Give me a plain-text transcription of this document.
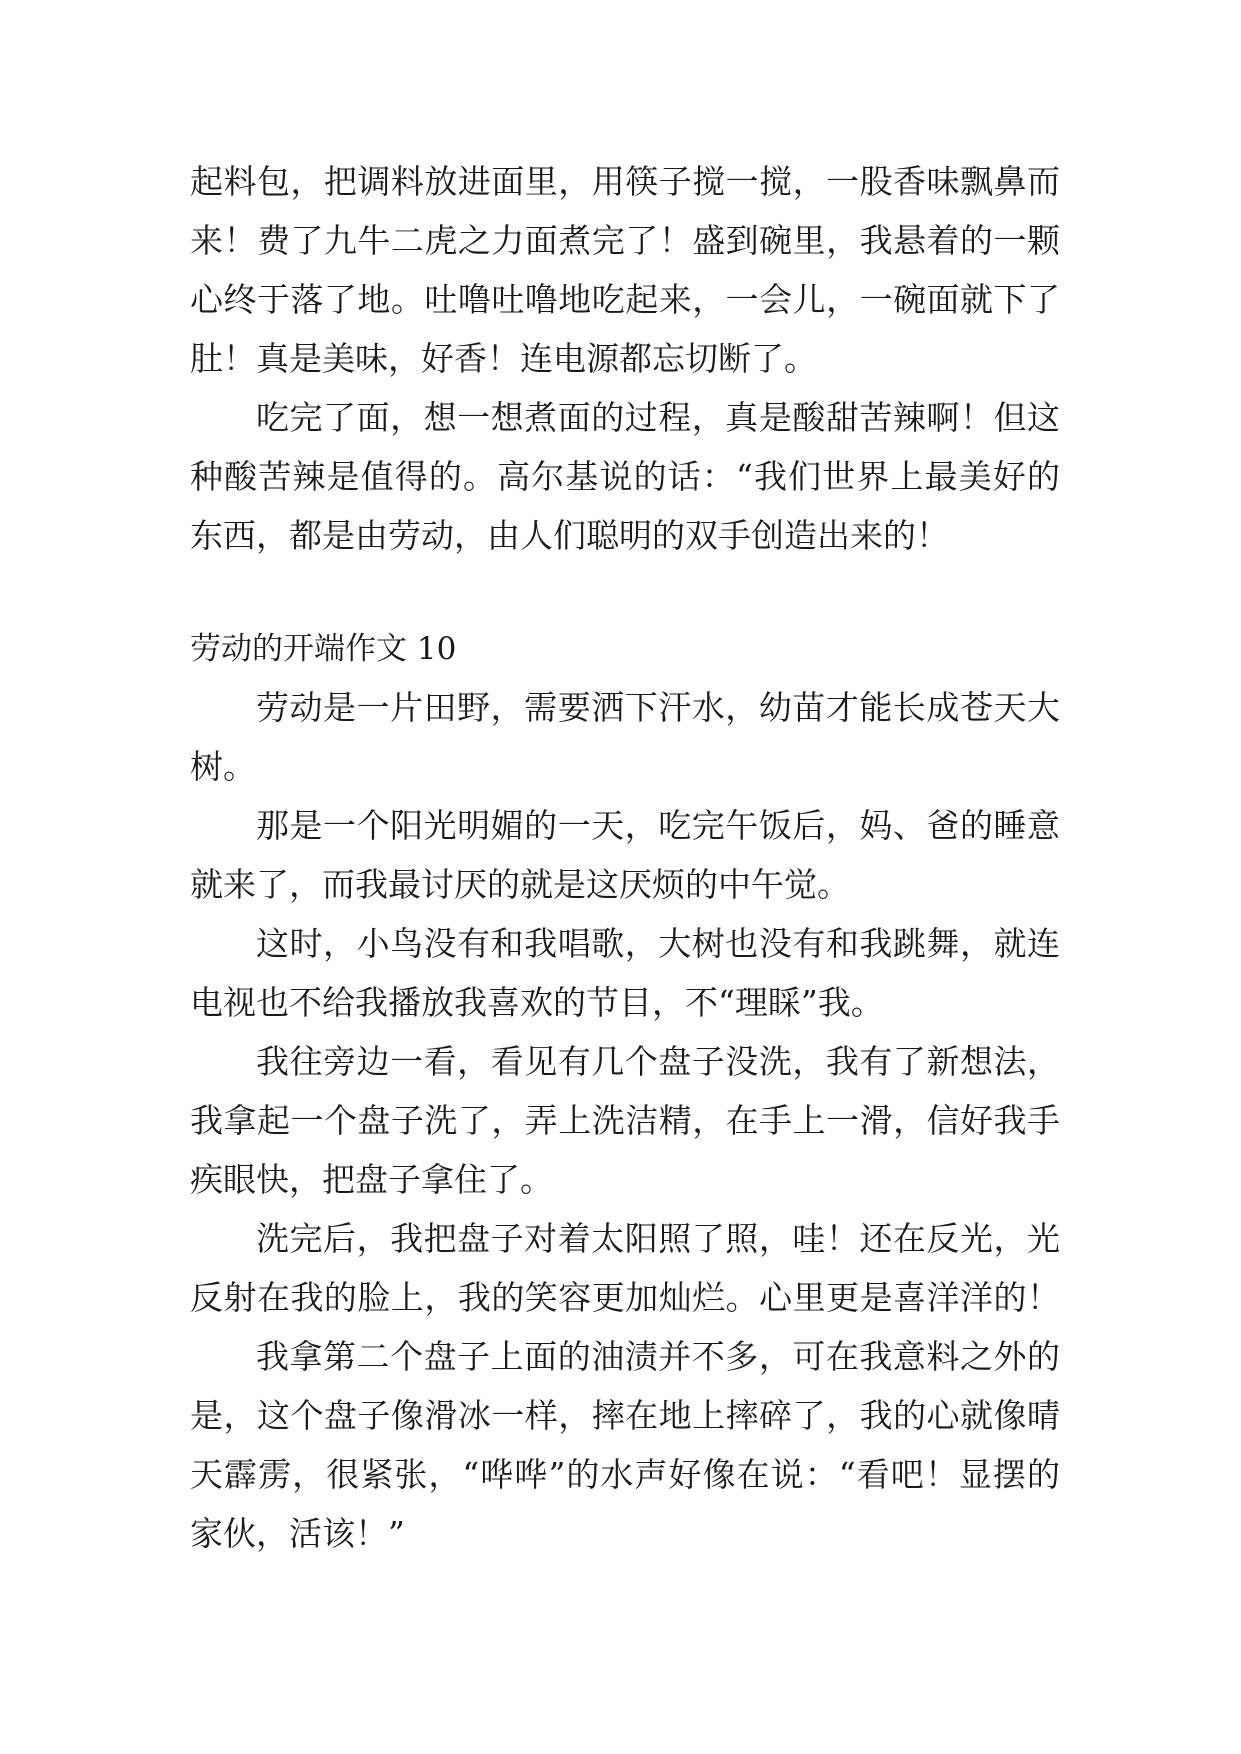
起料包，把调料放进面里，用筷子搅一搅，一股香味飘鼻而

来！费了九牛二虎之力面煮完了！盛到碗里，我悬着的一颗

心终于落了地。吐噜吐噜地吃起来，一会儿，一碗面就下了

肚！真是美味，好香！连电源都忘切断了。

吃完了面，想一想煮面的过程，真是酸甜苦辣啊！但这

种酸苦辣是值得的。高尔基说的话：“我们世界上最美好的

东西，都是由劳动，由人们聪明的双手创造出来的！

劳动的开端作文 10

劳动是一片田野，需要洒下汗水，幼苗才能长成苍天大

树。

那是一个阳光明媚的一天，吃完午饭后，妈、爸的睡意

就来了，而我最讨厌的就是这厌烦的中午觉。

这时，小鸟没有和我唱歌，大树也没有和我跳舞，就连

电视也不给我播放我喜欢的节目，不“理睬”我。

我往旁边一看，看见有几个盘子没洗，我有了新想法，

我拿起一个盘子洗了，弄上洗洁精，在手上一滑，信好我手

疾眼快，把盘子拿住了。

洗完后，我把盘子对着太阳照了照，哇！还在反光，光

反射在我的脸上，我的笑容更加灿烂。心里更是喜洋洋的！

我拿第二个盘子上面的油渍并不多，可在我意料之外的

是，这个盘子像滑冰一样，摔在地上摔碎了，我的心就像晴

天霹雳，很紧张，“哗哗”的水声好像在说：“看吧！显摆的

家伙，活该！”
